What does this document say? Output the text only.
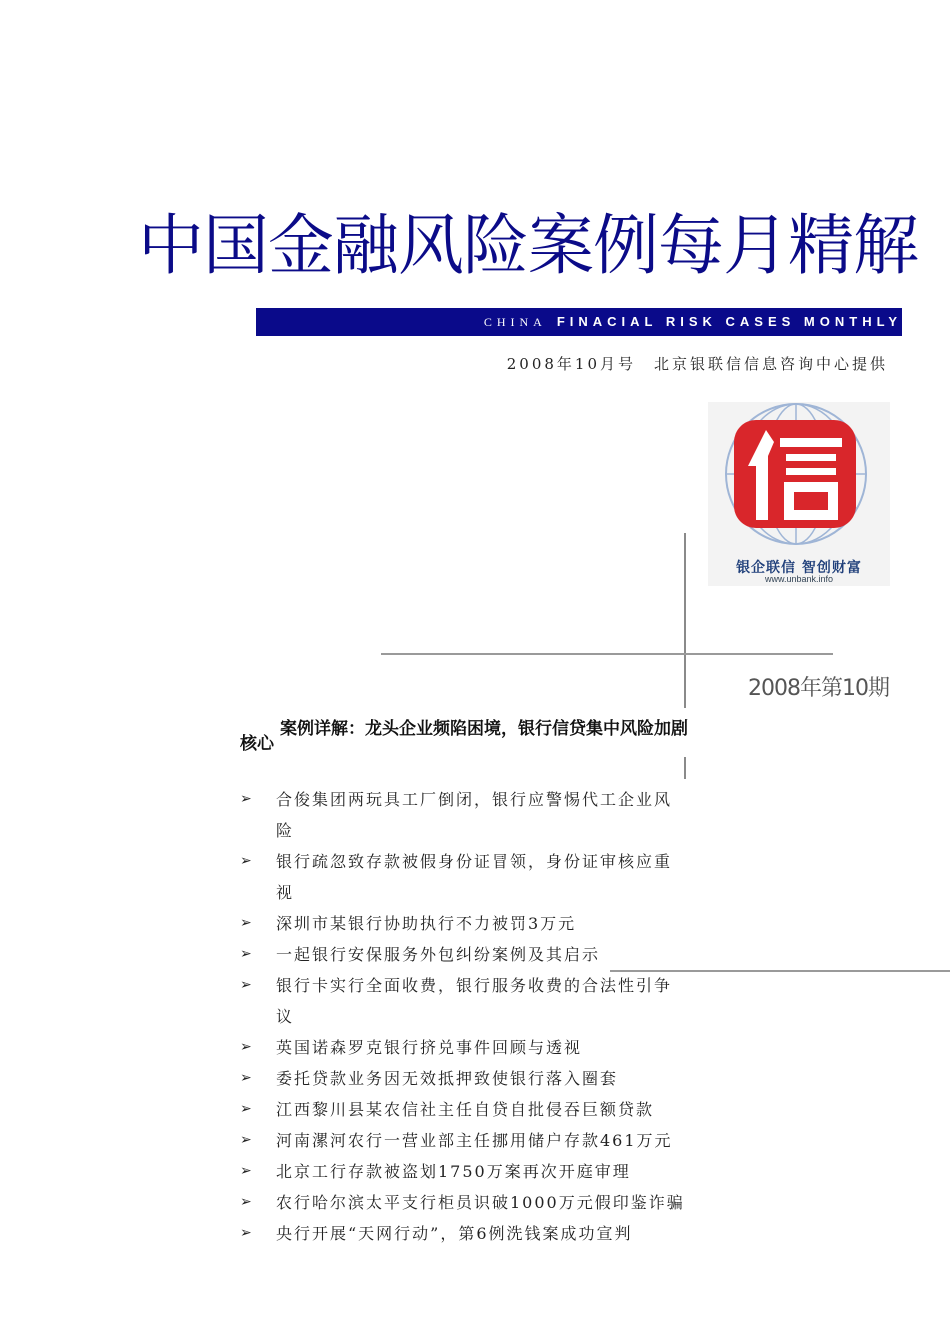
中国金融风险案例每月精解
CHINA FINACIAL RISK CASES MONTHLY
2008年10月号　北京银联信信息咨询中心提供
银企联信 智创财富
www.unbank.info
2008年第10期
核心
案例详解：龙头企业频陷困境，银行信贷集中风险加剧
➢ 合俊集团两玩具工厂倒闭，银行应警惕代工企业风险
➢ 银行疏忽致存款被假身份证冒领，身份证审核应重视
➢ 深圳市某银行协助执行不力被罚3万元
➢ 一起银行安保服务外包纠纷案例及其启示
➢ 银行卡实行全面收费，银行服务收费的合法性引争议
➢ 英国诺森罗克银行挤兑事件回顾与透视
➢ 委托贷款业务因无效抵押致使银行落入圈套
➢ 江西黎川县某农信社主任自贷自批侵吞巨额贷款
➢ 河南漯河农行一营业部主任挪用储户存款461万元
➢ 北京工行存款被盗划1750万案再次开庭审理
➢ 农行哈尔滨太平支行柜员识破1000万元假印鉴诈骗
➢ 央行开展“天网行动”，第6例洗钱案成功宣判
